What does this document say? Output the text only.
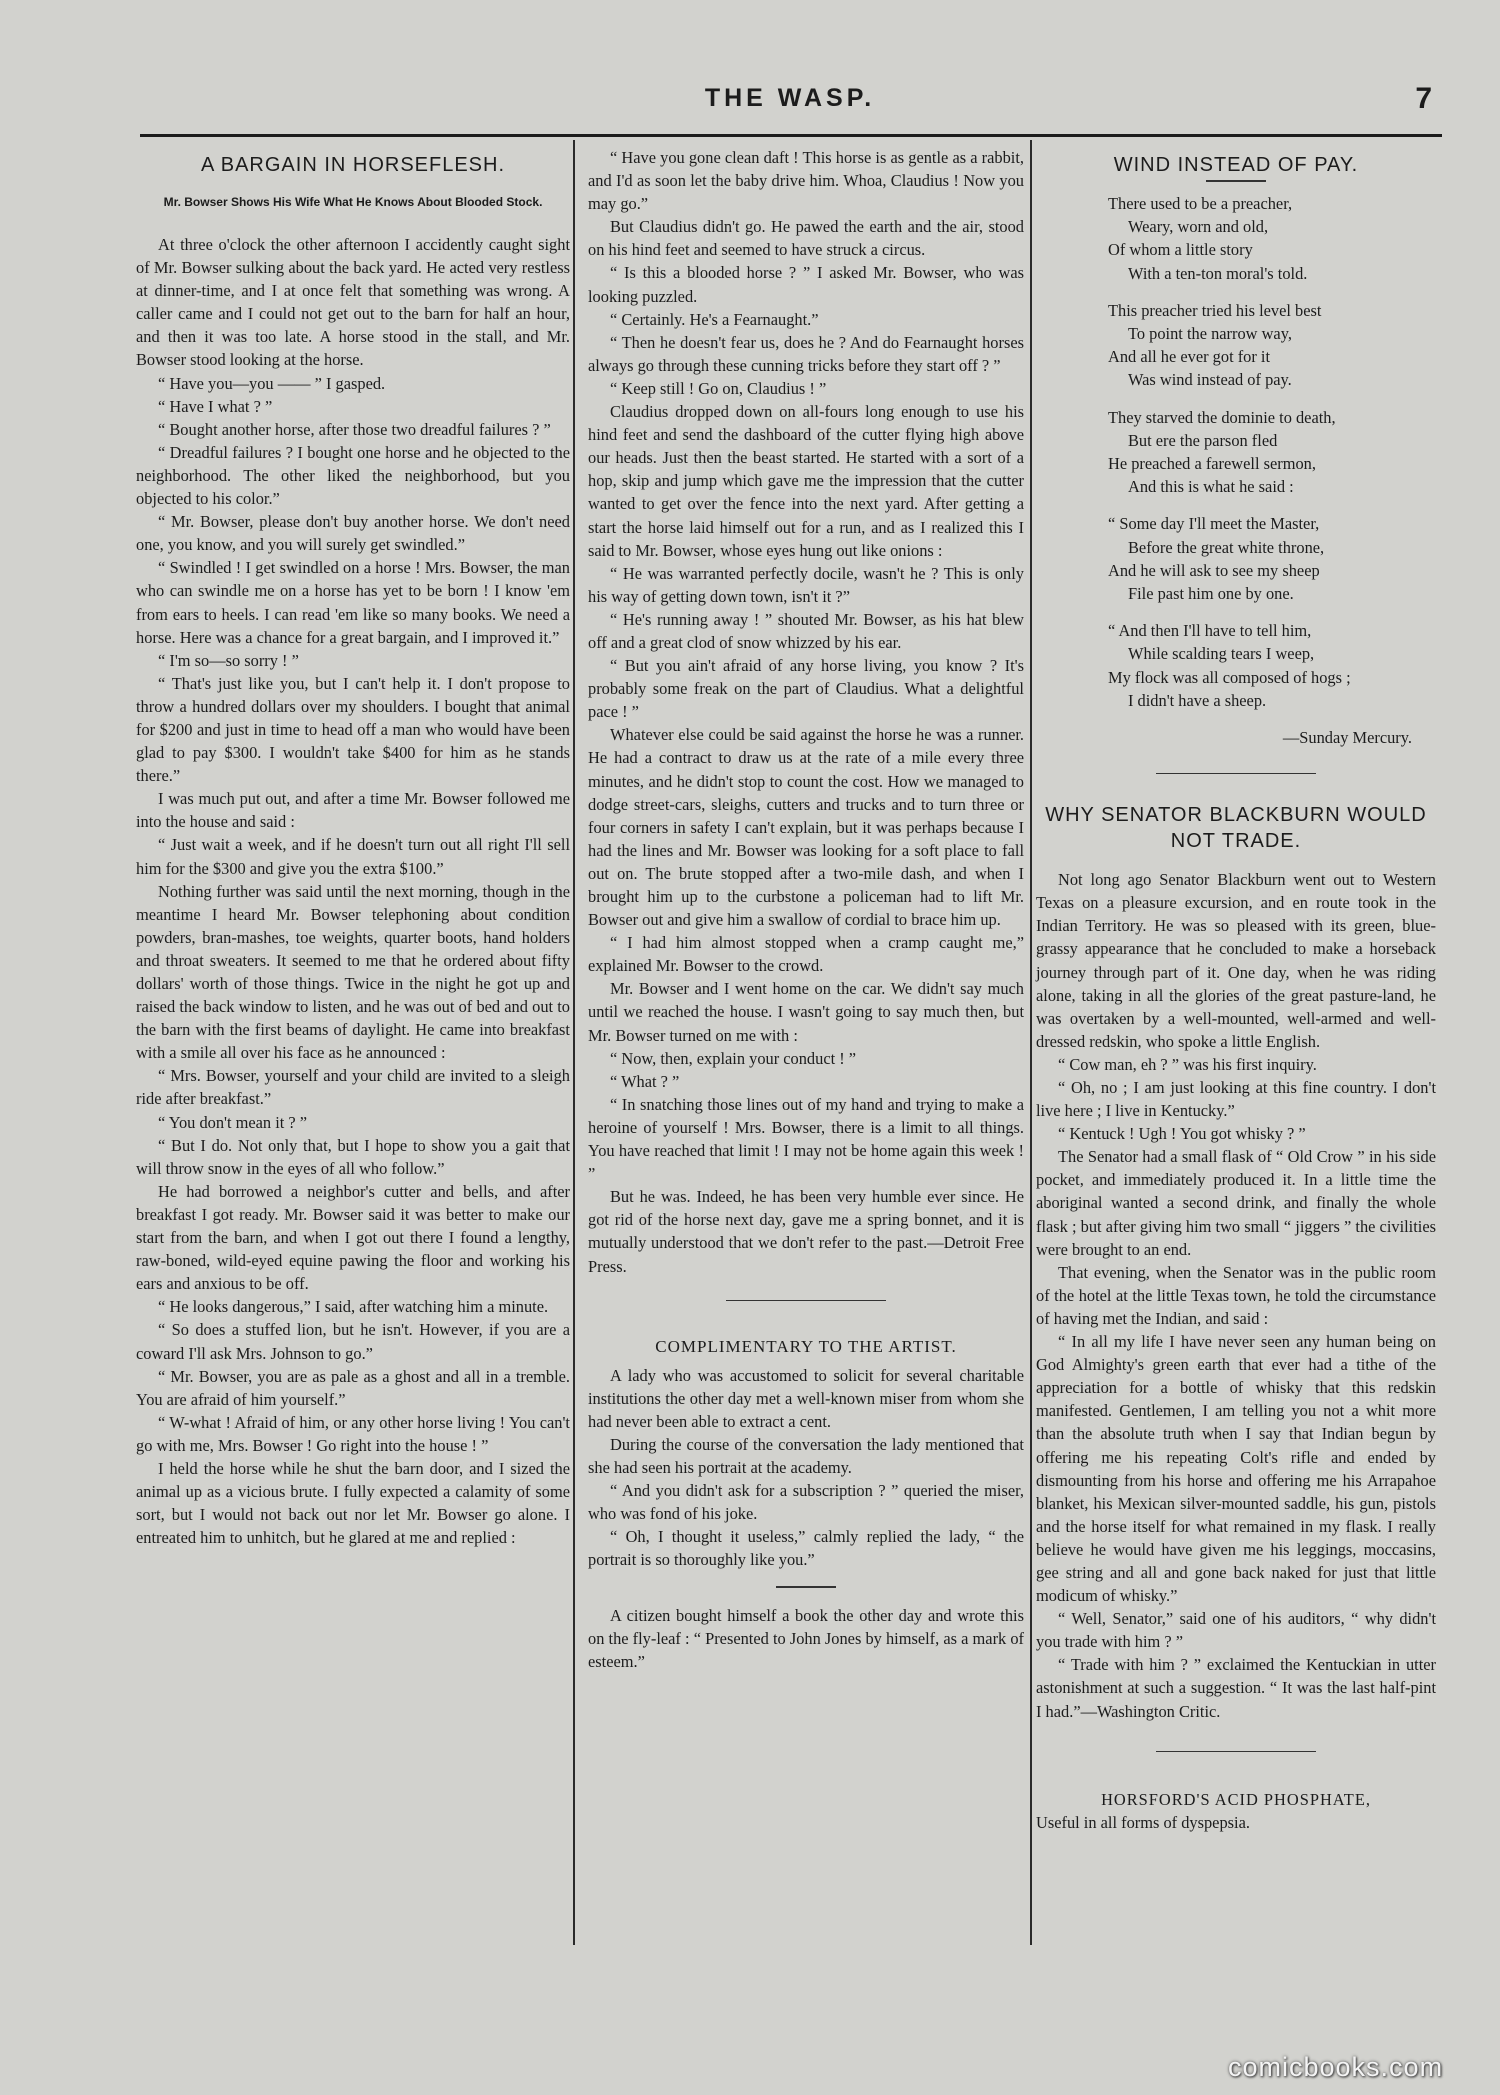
THE WASP.	7
A BARGAIN IN HORSEFLESH.
Mr. Bowser Shows His Wife What He Knows About Blooded Stock.

At three o'clock the other afternoon I accidently caught sight of Mr. Bowser sulking about the back yard. He acted very restless at dinner-time, and I at once felt that something was wrong. A caller came and I could not get out to the barn for half an hour, and then it was too late. A horse stood in the stall, and Mr. Bowser stood looking at the horse.

“ Have you—you —— ” I gasped.

“ Have I what ? ”

“ Bought another horse, after those two dreadful failures ? ”

“ Dreadful failures ? I bought one horse and he objected to the neighborhood. The other liked the neighborhood, but you objected to his color.”

“ Mr. Bowser, please don't buy another horse. We don't need one, you know, and you will surely get swindled.”

“ Swindled ! I get swindled on a horse ! Mrs. Bowser, the man who can swindle me on a horse has yet to be born ! I know 'em from ears to heels. I can read 'em like so many books. We need a horse. Here was a chance for a great bargain, and I improved it.”

“ I'm so—so sorry ! ”

“ That's just like you, but I can't help it. I don't propose to throw a hundred dollars over my shoulders. I bought that animal for $200 and just in time to head off a man who would have been glad to pay $300. I wouldn't take $400 for him as he stands there.”

I was much put out, and after a time Mr. Bowser followed me into the house and said :

“ Just wait a week, and if he doesn't turn out all right I'll sell him for the $300 and give you the extra $100.”

Nothing further was said until the next morning, though in the meantime I heard Mr. Bowser telephoning about condition powders, bran-mashes, toe weights, quarter boots, hand holders and throat sweaters. It seemed to me that he ordered about fifty dollars' worth of those things. Twice in the night he got up and raised the back window to listen, and he was out of bed and out to the barn with the first beams of daylight. He came into breakfast with a smile all over his face as he announced :

“ Mrs. Bowser, yourself and your child are invited to a sleigh ride after breakfast.”

“ You don't mean it ? ”

“ But I do. Not only that, but I hope to show you a gait that will throw snow in the eyes of all who follow.”

He had borrowed a neighbor's cutter and bells, and after breakfast I got ready. Mr. Bowser said it was better to make our start from the barn, and when I got out there I found a lengthy, raw-boned, wild-eyed equine pawing the floor and working his ears and anxious to be off.

“ He looks dangerous,” I said, after watching him a minute.

“ So does a stuffed lion, but he isn't. However, if you are a coward I'll ask Mrs. Johnson to go.”

“ Mr. Bowser, you are as pale as a ghost and all in a tremble. You are afraid of him yourself.”

“ W-what ! Afraid of him, or any other horse living ! You can't go with me, Mrs. Bowser ! Go right into the house ! ”

I held the horse while he shut the barn door, and I sized the animal up as a vicious brute. I fully expected a calamity of some sort, but I would not back out nor let Mr. Bowser go alone. I entreated him to unhitch, but he glared at me and replied :

“ Have you gone clean daft ! This horse is as gentle as a rabbit, and I'd as soon let the baby drive him. Whoa, Claudius ! Now you may go.”

But Claudius didn't go. He pawed the earth and the air, stood on his hind feet and seemed to have struck a circus.

“ Is this a blooded horse ? ” I asked Mr. Bowser, who was looking puzzled.

“ Certainly. He's a Fearnaught.”

“ Then he doesn't fear us, does he ? And do Fearnaught horses always go through these cunning tricks before they start off ? ”

“ Keep still ! Go on, Claudius ! ”

Claudius dropped down on all-fours long enough to use his hind feet and send the dashboard of the cutter flying high above our heads. Just then the beast started. He started with a sort of a hop, skip and jump which gave me the impression that the cutter wanted to get over the fence into the next yard. After getting a start the horse laid himself out for a run, and as I realized this I said to Mr. Bowser, whose eyes hung out like onions :

“ He was warranted perfectly docile, wasn't he ? This is only his way of getting down town, isn't it ?”

“ He's running away ! ” shouted Mr. Bowser, as his hat blew off and a great clod of snow whizzed by his ear.

“ But you ain't afraid of any horse living, you know ? It's probably some freak on the part of Claudius. What a delightful pace ! ”

Whatever else could be said against the horse he was a runner. He had a contract to draw us at the rate of a mile every three minutes, and he didn't stop to count the cost. How we managed to dodge street-cars, sleighs, cutters and trucks and to turn three or four corners in safety I can't explain, but it was perhaps because I had the lines and Mr. Bowser was looking for a soft place to fall out on. The brute stopped after a two-mile dash, and when I brought him up to the curbstone a policeman had to lift Mr. Bowser out and give him a swallow of cordial to brace him up.

“ I had him almost stopped when a cramp caught me,” explained Mr. Bowser to the crowd.

Mr. Bowser and I went home on the car. We didn't say much until we reached the house. I wasn't going to say much then, but Mr. Bowser turned on me with :

“ Now, then, explain your conduct ! ”

“ What ? ”

“ In snatching those lines out of my hand and trying to make a heroine of yourself ! Mrs. Bowser, there is a limit to all things. You have reached that limit ! I may not be home again this week ! ”

But he was. Indeed, he has been very humble ever since. He got rid of the horse next day, gave me a spring bonnet, and it is mutually understood that we don't refer to the past.—Detroit Free Press.

COMPLIMENTARY TO THE ARTIST.

A lady who was accustomed to solicit for several charitable institutions the other day met a well-known miser from whom she had never been able to extract a cent.

During the course of the conversation the lady mentioned that she had seen his portrait at the academy.

“ And you didn't ask for a subscription ? ” queried the miser, who was fond of his joke.

“ Oh, I thought it useless,” calmly replied the lady, “ the portrait is so thoroughly like you.”

A citizen bought himself a book the other day and wrote this on the fly-leaf : “ Presented to John Jones by himself, as a mark of esteem.”

WIND INSTEAD OF PAY.
There used to be a preacher,
Weary, worn and old,
Of whom a little story
With a ten-ton moral's told.
This preacher tried his level best
To point the narrow way,
And all he ever got for it
Was wind instead of pay.
They starved the dominie to death,
But ere the parson fled
He preached a farewell sermon,
And this is what he said :
“ Some day I'll meet the Master,
Before the great white throne,
And he will ask to see my sheep
File past him one by one.
“ And then I'll have to tell him,
While scalding tears I weep,
My flock was all composed of hogs ;
I didn't have a sheep.
—Sunday Mercury.
WHY SENATOR BLACKBURN WOULD NOT TRADE.

Not long ago Senator Blackburn went out to Western Texas on a pleasure excursion, and en route took in the Indian Territory. He was so pleased with its green, blue-grassy appearance that he concluded to make a horseback journey through part of it. One day, when he was riding alone, taking in all the glories of the great pasture-land, he was overtaken by a well-mounted, well-armed and well-dressed redskin, who spoke a little English.

“ Cow man, eh ? ” was his first inquiry.

“ Oh, no ; I am just looking at this fine country. I don't live here ; I live in Kentucky.”

“ Kentuck ! Ugh ! You got whisky ? ”

The Senator had a small flask of “ Old Crow ” in his side pocket, and immediately produced it. In a little time the aboriginal wanted a second drink, and finally the whole flask ; but after giving him two small “ jiggers ” the civilities were brought to an end.

That evening, when the Senator was in the public room of the hotel at the little Texas town, he told the circumstance of having met the Indian, and said :

“ In all my life I have never seen any human being on God Almighty's green earth that ever had a tithe of the appreciation for a bottle of whisky that this redskin manifested. Gentlemen, I am telling you not a whit more than the absolute truth when I say that Indian begun by offering me his repeating Colt's rifle and ended by dismounting from his horse and offering me his Arrapahoe blanket, his Mexican silver-mounted saddle, his gun, pistols and the horse itself for what remained in my flask. I really believe he would have given me his leggings, moccasins, gee string and all and gone back naked for just that little modicum of whisky.”

“ Well, Senator,” said one of his auditors, “ why didn't you trade with him ? ”

“ Trade with him ? ” exclaimed the Kentuckian in utter astonishment at such a suggestion. “ It was the last half-pint I had.”—Washington Critic.

HORSFORD'S ACID PHOSPHATE,

Useful in all forms of dyspepsia.

comicbooks.com
